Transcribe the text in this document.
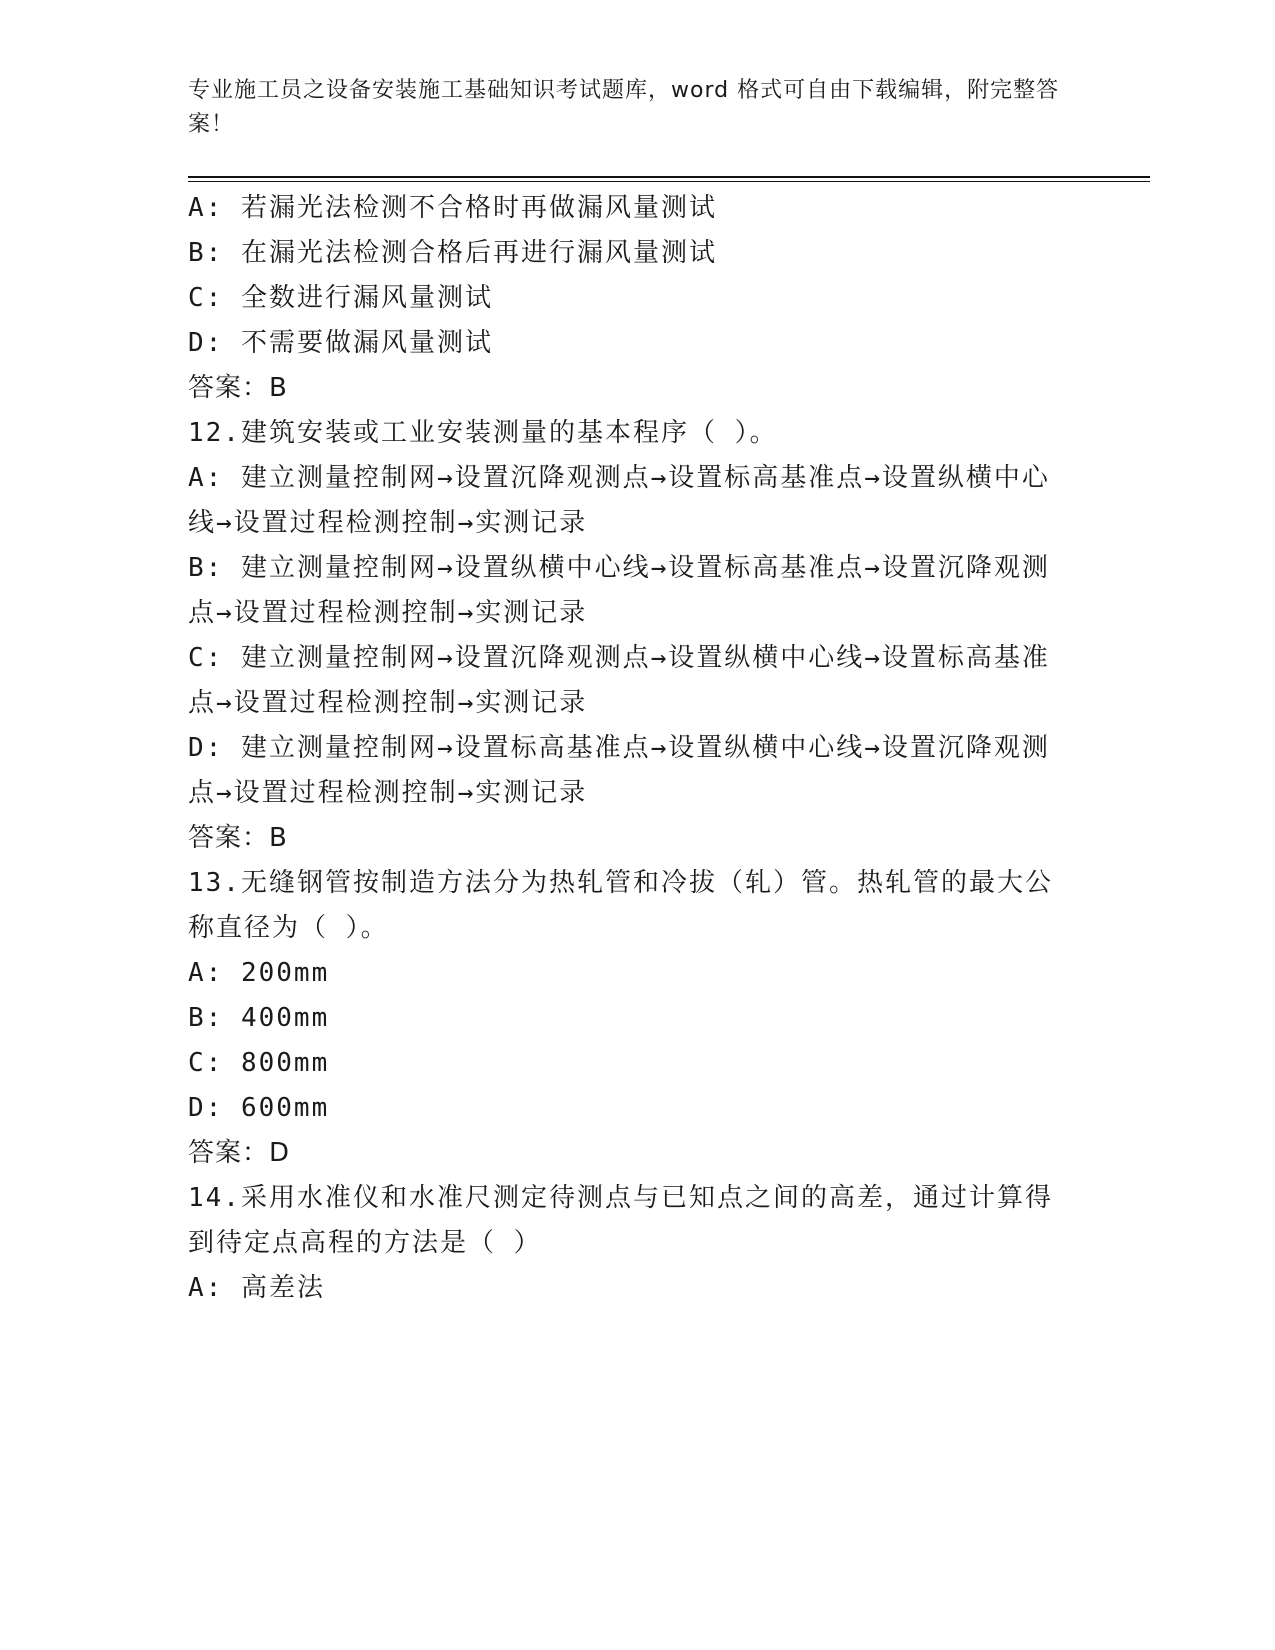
专业施工员之设备安装施工基础知识考试题库，word 格式可自由下载编辑，附完整答案！

A: 若漏光法检测不合格时再做漏风量测试

B: 在漏光法检测合格后再进行漏风量测试

C: 全数进行漏风量测试

D: 不需要做漏风量测试

答案：B

12.建筑安装或工业安装测量的基本程序（ ）。

A: 建立测量控制网→设置沉降观测点→设置标高基准点→设置纵横中心线→设置过程检测控制→实测记录

B: 建立测量控制网→设置纵横中心线→设置标高基准点→设置沉降观测点→设置过程检测控制→实测记录

C: 建立测量控制网→设置沉降观测点→设置纵横中心线→设置标高基准点→设置过程检测控制→实测记录

D: 建立测量控制网→设置标高基准点→设置纵横中心线→设置沉降观测点→设置过程检测控制→实测记录

答案：B

13.无缝钢管按制造方法分为热轧管和冷拔（轧）管。热轧管的最大公称直径为（ ）。

A: 200mm

B: 400mm

C: 800mm

D: 600mm

答案：D

14.采用水准仪和水准尺测定待测点与已知点之间的高差，通过计算得到待定点高程的方法是（ ）

A: 高差法
